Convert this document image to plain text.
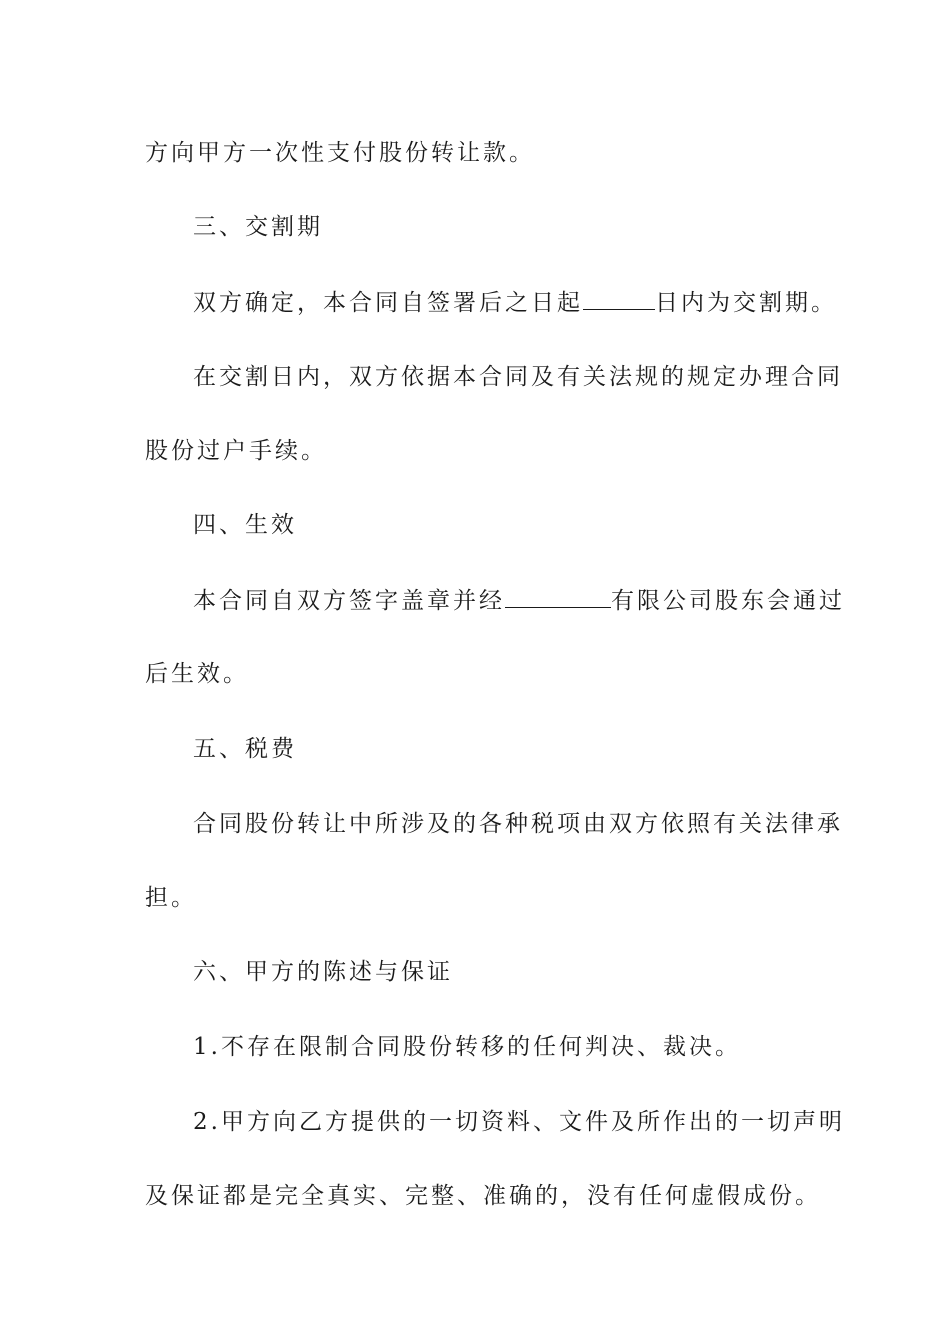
方向甲方一次性支付股份转让款。
三、交割期
双方确定，本合同自签署后之日起	日内为交割期。
在交割日内，双方依据本合同及有关法规的规定办理合同
股份过户手续。
四、生效
本合同自双方签字盖章并经	有限公司股东会通过
后生效。
五、税费
合同股份转让中所涉及的各种税项由双方依照有关法律承
担。
六、甲方的陈述与保证
1.不存在限制合同股份转移的任何判决、裁决。
2.甲方向乙方提供的一切资料、文件及所作出的一切声明
及保证都是完全真实、完整、准确的，没有任何虚假成份。
